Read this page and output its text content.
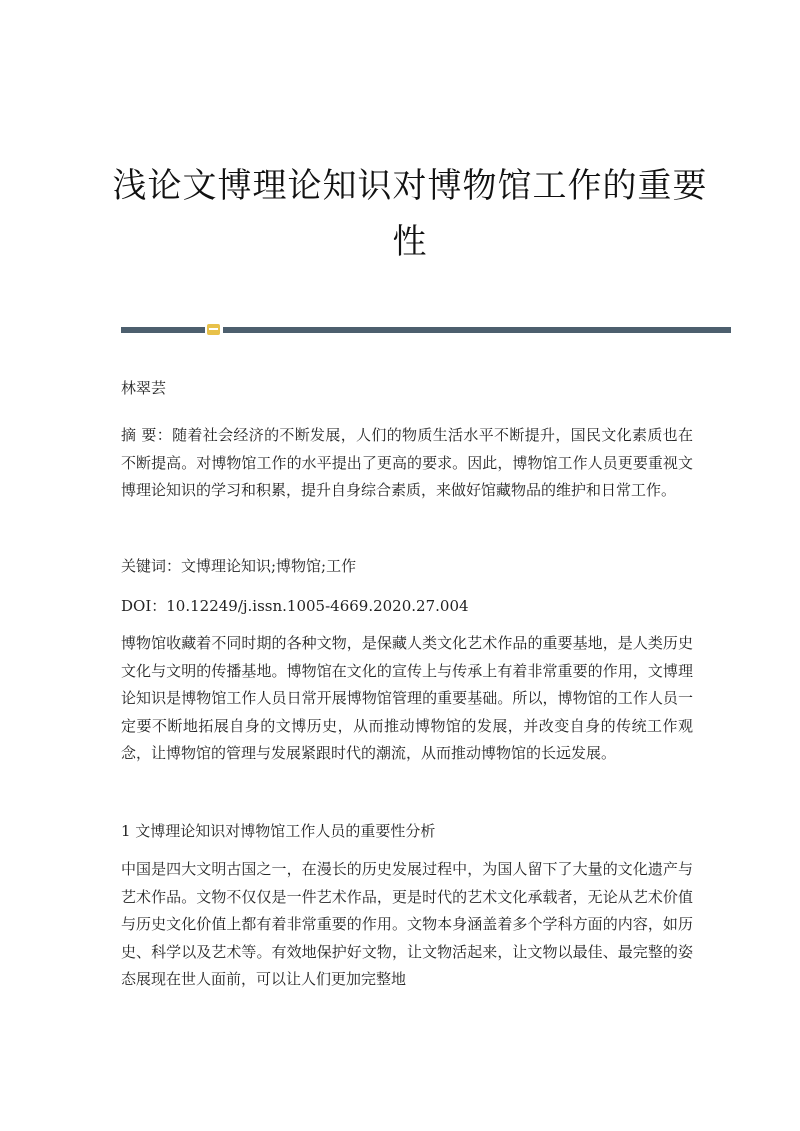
浅论文博理论知识对博物馆工作的重要性
林翠芸
摘 要：随着社会经济的不断发展，人们的物质生活水平不断提升，国民文化素质也在不断提高。对博物馆工作的水平提出了更高的要求。因此，博物馆工作人员更要重视文博理论知识的学习和积累，提升自身综合素质，来做好馆藏物品的维护和日常工作。
关键词：文博理论知识;博物馆;工作
DOI：10.12249/j.issn.1005-4669.2020.27.004
博物馆收藏着不同时期的各种文物，是保藏人类文化艺术作品的重要基地，是人类历史文化与文明的传播基地。博物馆在文化的宣传上与传承上有着非常重要的作用，文博理论知识是博物馆工作人员日常开展博物馆管理的重要基础。所以，博物馆的工作人员一定要不断地拓展自身的文博历史，从而推动博物馆的发展，并改变自身的传统工作观念，让博物馆的管理与发展紧跟时代的潮流，从而推动博物馆的长远发展。
1 文博理论知识对博物馆工作人员的重要性分析
中国是四大文明古国之一，在漫长的历史发展过程中，为国人留下了大量的文化遗产与艺术作品。文物不仅仅是一件艺术作品，更是时代的艺术文化承载者，无论从艺术价值与历史文化价值上都有着非常重要的作用。文物本身涵盖着多个学科方面的内容，如历史、科学以及艺术等。有效地保护好文物，让文物活起来，让文物以最佳、最完整的姿态展现在世人面前，可以让人们更加完整地
